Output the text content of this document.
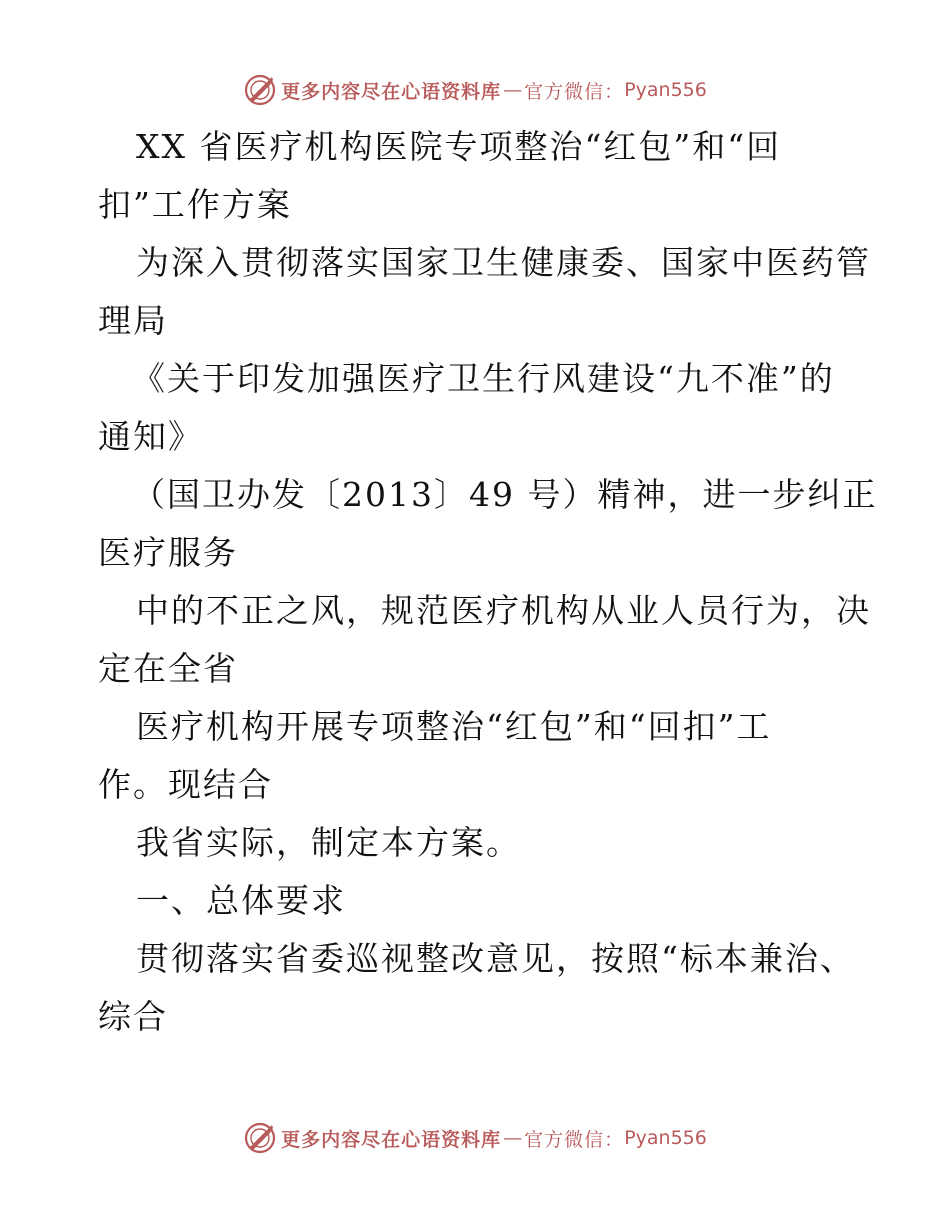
更多内容尽在心语资料库 — 官方微信： Pyan556
XX 省医疗机构医院专项整治“红包”和“回
扣”工作方案
为深入贯彻落实国家卫生健康委、国家中医药管
理局
《关于印发加强医疗卫生行风建设“九不准”的
通知》
（国卫办发〔2013〕49 号）精神，进一步纠正
医疗服务
中的不正之风，规范医疗机构从业人员行为，决
定在全省
医疗机构开展专项整治“红包”和“回扣”工
作。现结合
我省实际，制定本方案。
一、总体要求
贯彻落实省委巡视整改意见，按照“标本兼治、
综合
更多内容尽在心语资料库 — 官方微信： Pyan556
